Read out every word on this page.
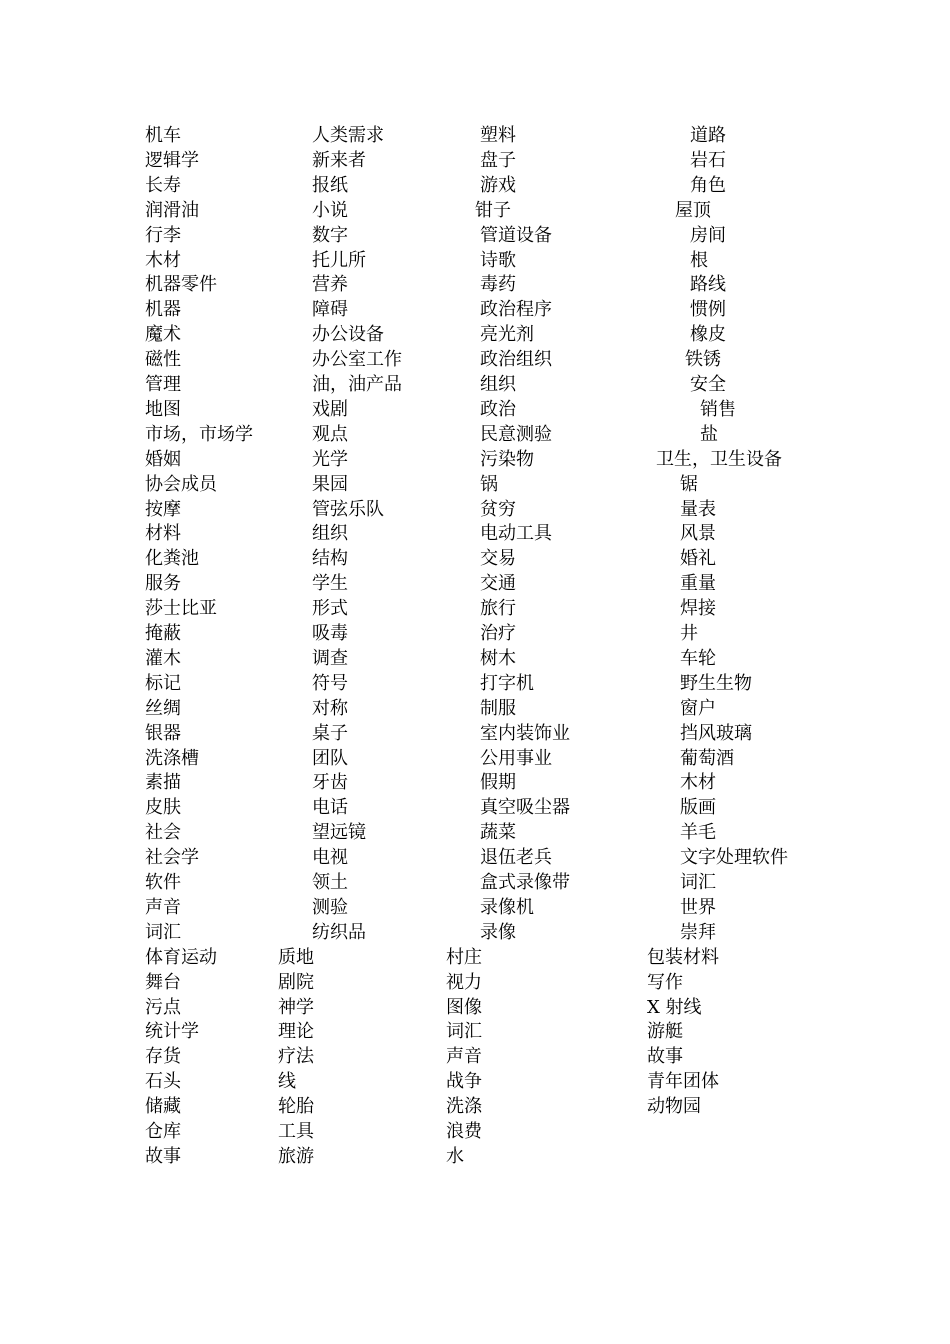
机车	人类需求	塑料	道路
逻辑学	新来者	盘子	岩石
长寿	报纸	游戏	角色
润滑油	小说	钳子	屋顶
行李	数字	管道设备	房间
木材	托儿所	诗歌	根
机器零件	营养	毒药	路线
机器	障碍	政治程序	惯例
魔术	办公设备	亮光剂	橡皮
磁性	办公室工作	政治组织	铁锈
管理	油，油产品	组织	安全
地图	戏剧	政治	销售
市场，市场学	观点	民意测验	盐
婚姻	光学	污染物	卫生，卫生设备
协会成员	果园	锅	锯
按摩	管弦乐队	贫穷	量表
材料	组织	电动工具	风景
化粪池	结构	交易	婚礼
服务	学生	交通	重量
莎士比亚	形式	旅行	焊接
掩蔽	吸毒	治疗	井
灌木	调查	树木	车轮
标记	符号	打字机	野生生物
丝绸	对称	制服	窗户
银器	桌子	室内装饰业	挡风玻璃
洗涤槽	团队	公用事业	葡萄酒
素描	牙齿	假期	木材
皮肤	电话	真空吸尘器	版画
社会	望远镜	蔬菜	羊毛
社会学	电视	退伍老兵	文字处理软件
软件	领土	盒式录像带	词汇
声音	测验	录像机	世界
词汇	纺织品	录像	崇拜
体育运动	质地	村庄	包装材料
舞台	剧院	视力	写作
污点	神学	图像	X 射线
统计学	理论	词汇	游艇
存货	疗法	声音	故事
石头	线	战争	青年团体
储藏	轮胎	洗涤	动物园
仓库	工具	浪费
故事	旅游	水
